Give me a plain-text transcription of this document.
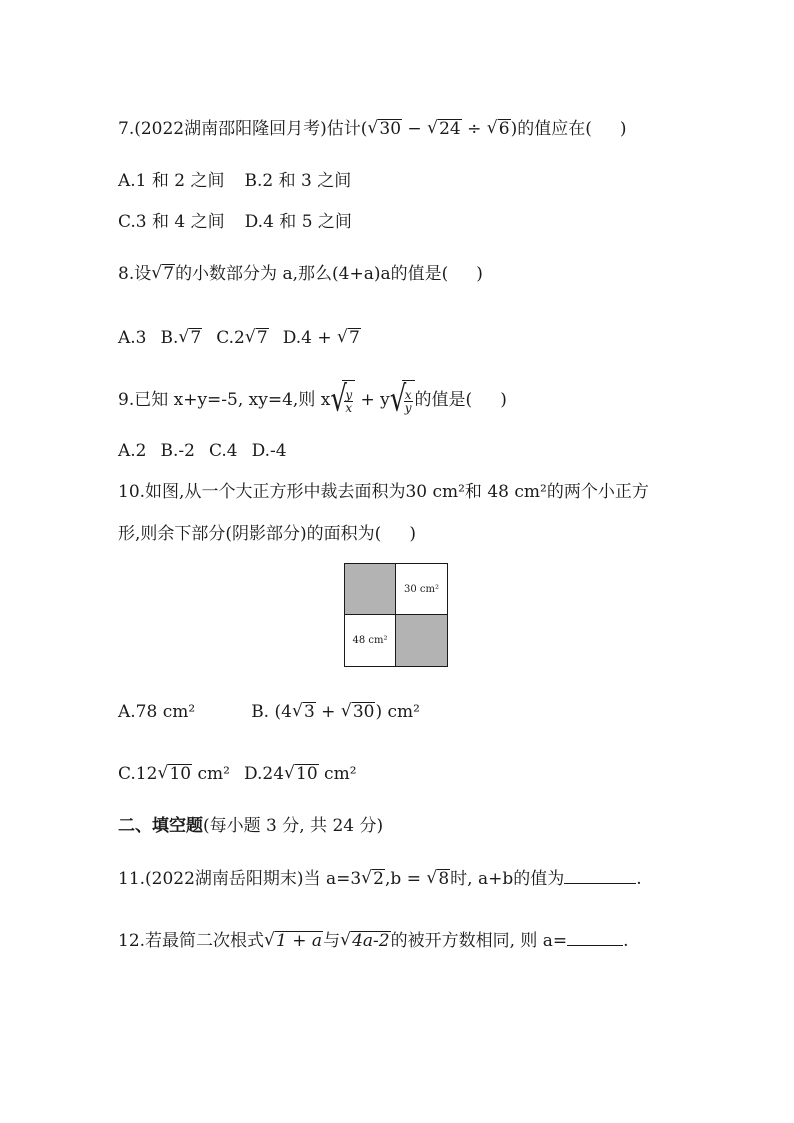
7.(2022湖南邵阳隆回月考)估计( √ 30 − √ 24 ÷ √ 6)的值应在( )
A.1 和 2 之间 B.2 和 3 之间
C.3 和 4 之间 D.4 和 5 之间
8.设 √ 7的小数部分为 a,那么(4+a)a的值是( )
A.3 B. √ 7 C.2 √ 7 D.4 + √ 7
9.已知 x+y=-5, xy=4,则 x √
$\frac{y}{x} + y$ √
$\frac{x}{y}$ 的值是( )
A.2 B.-2 C.4 D.-4
10.如图,从一个大正方形中裁去面积为30 cm²和 48 cm²的两个小正方
形,则余下部分(阴影部分)的面积为( )
30 cm²
48 cm²
A.78 cm²	B. (4 √ 3 + √ 30) cm²
C.12 √ 10 cm² D.24 √ 10 cm²
二、填空题(每小题 3 分, 共 24 分)
11.(2022湖南岳阳期末)当 a=3 √ 2,b = √ 8时, a+b的值为	.
12.若最简二次根式 √ 1 + a与 √ 4a-2的被开方数相同, 则 a=	.
